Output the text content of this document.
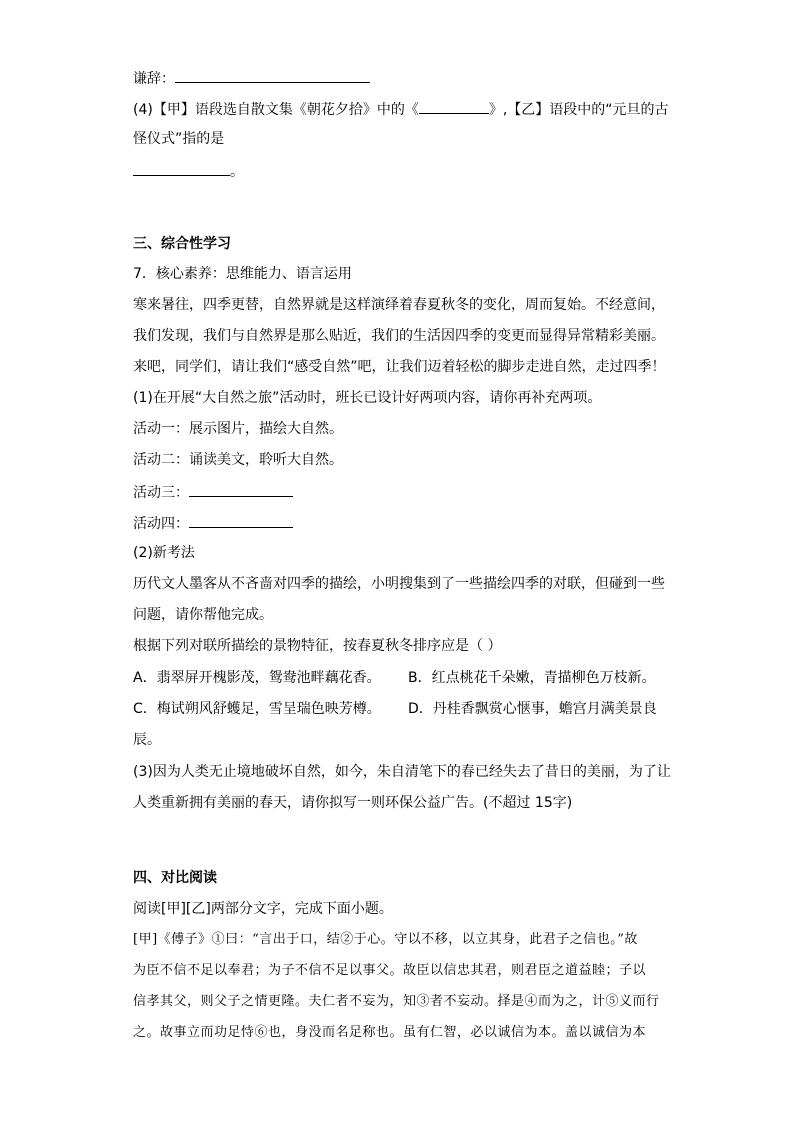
谦辞：
(4)【甲】语段选自散文集《朝花夕拾》中的《	》,【乙】语段中的“元旦的古
怪仪式”指的是
。
三、综合性学习
7．核心素养：思维能力、语言运用
寒来暑往，四季更替，自然界就是这样演绎着春夏秋冬的变化，周而复始。不经意间，
我们发现，我们与自然界是那么贴近，我们的生活因四季的变更而显得异常精彩美丽。
来吧，同学们，请让我们“感受自然”吧，让我们迈着轻松的脚步走进自然，走过四季！
(1)在开展“大自然之旅”活动时，班长已设计好两项内容，请你再补充两项。
活动一：展示图片，描绘大自然。
活动二：诵读美文，聆听大自然。
活动三：
活动四：
(2)新考法
历代文人墨客从不吝啬对四季的描绘，小明搜集到了一些描绘四季的对联，但碰到一些
问题，请你帮他完成。
根据下列对联所描绘的景物特征，按春夏秋冬排序应是（ ）
A．翡翠屏开槐影茂，鸳鸯池畔藕花香。 B．红点桃花千朵嫩，青描柳色万枝新。
C．梅试朔风舒蠖足，雪呈瑞色映芳樽。 D．丹桂香飘赏心惬事，蟾宫月满美景良
辰。
(3)因为人类无止境地破坏自然，如今，朱自清笔下的春已经失去了昔日的美丽，为了让
人类重新拥有美丽的春天，请你拟写一则环保公益广告。(不超过 15字)
四、对比阅读
阅读[甲][乙]两部分文字，完成下面小题。
[甲]《傅子》①曰：“言出于口，结②于心。守以不移，以立其身，此君子之信也。”故
为臣不信不足以奉君；为子不信不足以事父。故臣以信忠其君，则君臣之道益睦；子以
信孝其父，则父子之情更隆。夫仁者不妄为，知③者不妄动。择是④而为之，计⑤义而行
之。故事立而功足恃⑥也，身没而名足称也。虽有仁智，必以诚信为本。盖以诚信为本
